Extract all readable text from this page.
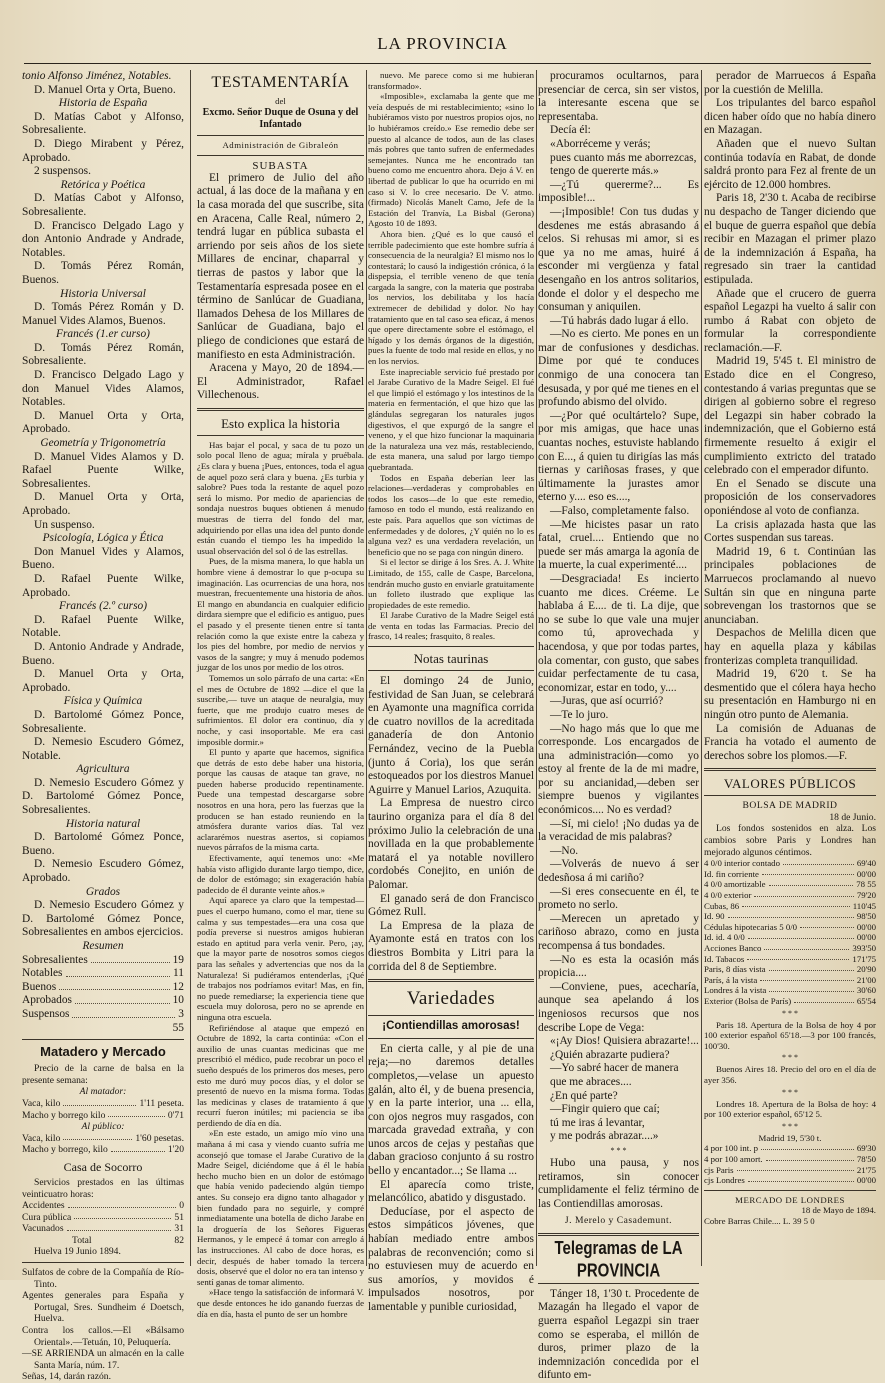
LA PROVINCIA

tonio Alfonso Jiménez, Notables.

D. Manuel Orta y Orta, Bueno.

Historia de España

D. Matías Cabot y Alfonso, Sobresaliente.

D. Diego Mirabent y Pérez, Aprobado.

2 suspensos.

Retórica y Poética

D. Matías Cabot y Alfonso, Sobresaliente.

D. Francisco Delgado Lago y don Antonio Andrade y Andrade, Notables.

D. Tomás Pérez Román, Buenos.

Historia Universal

D. Tomás Pérez Román y D. Manuel Vides Alamos, Buenos.

Francés (1.er curso)

D. Tomás Pérez Román, Sobresaliente.

D. Francisco Delgado Lago y don Manuel Vides Alamos, Notables.

D. Manuel Orta y Orta, Aprobado.

Geometría y Trigonometría

D. Manuel Vides Alamos y D. Rafael Puente Wilke, Sobresalientes.

D. Manuel Orta y Orta, Aprobado.

Un suspenso.

Psicología, Lógica y Ética

Don Manuel Vides y Alamos, Bueno.

D. Rafael Puente Wilke, Aprobado.

Francés (2.º curso)

D. Rafael Puente Wilke, Notable.

D. Antonio Andrade y Andrade, Bueno.

D. Manuel Orta y Orta, Aprobado.

Física y Química

D. Bartolomé Gómez Ponce, Sobresaliente.

D. Nemesio Escudero Gómez, Notable.

Agricultura

D. Nemesio Escudero Gómez y D. Bartolomé Gómez Ponce, Sobresalientes.

Historia natural

D. Bartolomé Gómez Ponce, Bueno.

D. Nemesio Escudero Gómez, Aprobado.

Grados

D. Nemesio Escudero Gómez y D. Bartolomé Gómez Ponce, Sobresalientes en ambos ejercicios.

Resumen

Sobresalientes	19
Notables	11
Buenos	12
Aprobados	10
Suspensos	3
55
Matadero y Mercado

Precio de la carne de balsa en la presente semana:

Al matador:

Vaca, kilo	1'11 peseta.
Macho y borrego kilo	0'71

Al público:

Vaca, kilo	1'60 pesetas.
Macho y borrego, kilo	1'20
Casa de Socorro

Servicios prestados en las últimas veinticuatro horas:

Accidentes	0
Cura pública	51
Vacunados	31
Total	82

Huelva 19 Junio 1894.

Sulfatos de cobre de la Compañía de Río-Tinto.

Agentes generales para España y Portugal, Sres. Sundheim é Doetsch, Huelva.

Contra los callos.—El «Bálsamo Oriental».—Tetuán, 10, Peluquería.

—SE ARRIENDA un almacén en la calle Santa María, núm. 17.

Señas, 14, darán razón.

TESTAMENTARÍA

del

Excmo. Señor Duque de Osuna y del Infantado

Administración de Gibraleón

SUBASTA

El primero de Julio del año actual, á las doce de la mañana y en la casa morada del que suscribe, sita en Aracena, Calle Real, número 2, tendrá lugar en pública subasta el arriendo por seis años de los siete Millares de encinar, chaparral y tierras de pastos y labor que la Testamentaría espresada posee en el término de Sanlúcar de Guadiana, llamados Dehesa de los Millares de Sanlúcar de Guadiana, bajo el pliego de condiciones que estará de manifiesto en esta Administración.

Aracena y Mayo, 20 de 1894.—El Administrador, Rafael Villechenous.

Esto explica la historia

Has bajar el pocal, y saca de tu pozo un solo pocal lleno de agua; mírala y pruébala. ¿Es clara y buena ¡Pues, entonces, toda el agua de aquel pozo será clara y buena. ¿Es turbia y salobre? Pues toda la restante de aquel pozo será lo mismo. Por medio de apariencias de sondaja nuestros buques obtienen á menudo muestras de tierra del fondo del mar, adquiriendo por ellas una idea del punto donde están cuando el tiempo les ha impedido la usual observación del sol ó de las estrellas.

Pues, de la misma manera, lo que habla un hombre viene á demostrar lo que p-ocupa su imaginación. Las ocurrencias de una hora, nos muestran, frecuentemente una historia de años. El mango en abundancia en cualquier edificio dirdara siempre que el edificio es antiguo, pues el pasado y el presente tienen entre sí tanta relación como la que existe entre la cabeza y los pies del hombre, por medio de nervios y vasos de la sangre; y muy á menudo podemos juzgar de los unos por medio de los otros.

Tomemos un solo párrafo de una carta: «En el mes de Octubre de 1892 —dice el que la suscribe,— tuve un ataque de neuralgia, muy fuerte, que me produjo cuatro meses de sufrimientos. El dolor era continuo, día y noche, y casi insoportable. Me era casi imposible dormir.»

El punto y aparte que hacemos, significa que detrás de esto debe haber una historia, porque las causas de ataque tan grave, no pueden haberse producido repentinamente. Puede una tempestad descargarse sobre nosotros en una hora, pero las fuerzas que la producen se han estado reuniendo en la atmósfera durante varios días. Tal vez aclararémos nuestras asertos, si copiamos nuevos párrafos de la misma carta.

Efectivamente, aquí tenemos uno: «Me había visto afligido durante largo tiempo, dice, de dolor de estómago; sin exageración había padecido de él durante veinte años.»

Aquí aparece ya claro que la tempestad—pues el cuerpo humano, como el mar, tiene su calma y sus tempestades—era una cosa que podía preverse si nuestros amigos hubieran estado en aptitud para verla venir. Pero, ¡ay, que la mayor parte de nosotros somos ciegos para las señales y advertencias que nos da la Naturaleza! Si pudiéramos entenderlas, ¡Qué de trabajos nos podríamos evitar! Mas, en fin, no puede remediarse; la experiencia tiene que escuela muy dolorosa, pero no se aprende en ninguna otra escuela.

Refiriéndose al ataque que empezó en Octubre de 1892, la carta continúa: «Con el auxilio de unas cuantas medicinas que me prescribió el médico, pude recobrar un poco el sueño después de los primeros dos meses, pero esto me duró muy pocos días, y el dolor se presentó de nuevo en la misma forma. Todas las medicinas y clases de tratamiento á que recurrí fueron inútiles; mi paciencia se iba perdiendo de día en día.

»En este estado, un amigo mío vino una mañana á mi casa y viendo cuanto sufría me aconsejó que tomase el Jarabe Curativo de la Madre Seigel, diciéndome que á él le había hecho mucho bien en un dolor de estómago que había venido padeciendo algún tiempo antes. Su consejo era digno tanto alhagador y bien fundado para no seguirle, y compré inmediatamente una botella de dicho Jarabe en la droguería de los Señores Figueras Hermanos, y le empecé á tomar con arreglo á las instrucciones. Al cabo de doce horas, es decir, después de haber tomado la tercera dosis, observé que el dolor no era tan intenso y sentí ganas de tomar alimento.

»Hace tengo la satisfacción de informará V. que desde entonces he ido ganando fuerzas de día en día, hasta el punto de ser un hombre

nuevo. Me parece como si me hubieran transformado».

«Imposible», exclamaba la gente que me veía después de mi restablecimiento; «sino lo hubiéramos visto por nuestros propios ojos, no lo hubiéramos creído.» Ese remedio debe ser puesto al alcance de todos, aun de las clases más pobres que tanto sufren de enfermedades semejantes. Nunca me he encontrado tan bueno como me encuentro ahora. Dejo á V. en libertad de publicar lo que ha ocurrido en mi caso si V. lo cree necesario. De V. atmo. (firmado) Nicolás Manelt Camo, Jefe de la Estación del Tranvía, La Bisbal (Gerona) Agosto 10 de 1893.

Ahora bien. ¿Qué es lo que causó el terrible padecimiento que este hombre sufría á consecuencia de la neuralgia? El mismo nos lo contestará; lo causó la indigestión crónica, ó la dispepsia, el terrible veneno de que tenía cargada la sangre, con la materia que postraba los nervios, los debilitaba y los hacía extremecer de debilidad y dolor. No hay tratamiento que en tal caso sea eficaz, á menos que opere directamente sobre el estómago, el hígado y los demás órganos de la digestión, pues la fuente de todo mal reside en ellos, y no en los nervios.

Este inapreciable servicio fué prestado por el Jarabe Curativo de la Madre Seigel. El fué el que limpió el estómago y los intestinos de la materia en fermentación, el que hizo que las glándulas segregaran los naturales jugos digestivos, el que expurgó de la sangre el veneno, y el que hizo funcionar la maquinaria de la naturaleza una vez más, restableciendo, de esta manera, una salud por largo tiempo quebrantada.

Todos en España deberían leer las relaciones—verdaderas y comprobables en todos los casos—de lo que este remedio, famoso en todo el mundo, está realizando en este país. Para aquellos que son víctimas de enfermedades y de dolores, ¿Y quién no lo es alguna vez? es una verdadera revelación, un beneficio que no se paga con ningún dinero.

Si el lector se dirige á los Sres. A. J. White Limitado, de 155, calle de Caspe, Barcelona, tendrán mucho gusto en enviarle gratuitamente un folleto ilustrado que explique las propiedades de este remedio.

El Jarabe Curativo de la Madre Seigel está de venta en todas las Farmacias. Precio del frasco, 14 reales; frasquito, 8 reales.

Notas taurinas

El domingo 24 de Junio, festividad de San Juan, se celebrará en Ayamonte una magnífica corrida de cuatro novillos de la acreditada ganadería de don Antonio Fernández, vecino de la Puebla (junto á Coria), los que serán estoqueados por los diestros Manuel Aguirre y Manuel Larios, Azuquita.

La Empresa de nuestro circo taurino organiza para el día 8 del próximo Julio la celebración de una novillada en la que probablemente matará el ya notable novillero cordobés Conejito, en unión de Palomar.

El ganado será de don Francisco Gómez Rull.

La Empresa de la plaza de Ayamonte está en tratos con los diestros Bombita y Litri para la corrida del 8 de Septiembre.

Variedades
¡Contiendillas amorosas!

En cierta calle, y al pie de una reja;—no daremos detalles completos,—velase un apuesto galán, alto él, y de buena presencia, y en la parte interior, una ... ella, con ojos negros muy rasgados, con marcada gravedad extraña, y con unos arcos de cejas y pestañas que daban gracioso conjunto á su rostro bello y encantador...; Se llama ...

El aparecía como triste, melancólico, abatido y disgustado.

Deducíase, por el aspecto de estos simpáticos jóvenes, que habían mediado entre ambos palabras de reconvención; como si no estuviesen muy de acuerdo en sus amoríos, y movidos é impulsados nosotros, por lamentable y punible curiosidad,

procuramos ocultarnos, para presenciar de cerca, sin ser vistos, la interesante escena que se representaba.

Decía él:

«Aborréceme y verás;

pues cuanto más me aborrezcas,

tengo de quererte más.»

—¿Tú quererme?... Es imposible!...

—¡Imposible! Con tus dudas y desdenes me estás abrasando á celos. Si rehusas mi amor, si es que ya no me amas, huiré á esconder mi vergüenza y fatal desengaño en los antros solitarios, donde el dolor y el despecho me consuman y aniquilen.

—Tú habrás dado lugar á ello.

—No es cierto. Me pones en un mar de confusiones y desdichas. Dime por qué te conduces conmigo de una conocera tan desusada, y por qué me tienes en el profundo abismo del olvido.

—¿Por qué ocultártelo? Supe, por mis amigas, que hace unas cuantas noches, estuviste hablando con E..., á quien tu dirigías las más tiernas y cariñosas frases, y que últimamente la jurastes amor eterno y.... eso es....,

—Falso, completamente falso.

—Me hicistes pasar un rato fatal, cruel.... Entiendo que no puede ser más amarga la agonía de la muerte, la cual experimenté....

—Desgraciada! Es incierto cuanto me dices. Créeme. Le hablaba á E.... de ti. La dije, que no se sube lo que vale una mujer como tú, aprovechada y hacendosa, y que por todas partes, ola comentar, con gusto, que sabes cuidar perfectamente de tu casa, economizar, estar en todo, y....

—Juras, que así ocurrió?

—Te lo juro.

—No hago más que lo que me corresponde. Los encargados de una administración—como yo estoy al frente de la de mi madre, por su ancianidad,—deben ser siempre buenos y vigilantes económicos.... No es verdad?

—Sí, mi cielo! ¡No dudas ya de la veracidad de mis palabras?

—No.

—Volverás de nuevo á ser dedesñosa á mi cariño?

—Si eres consecuente en él, te prometo no serlo.

—Merecen un apretado y cariñoso abrazo, como en justa recompensa á tus bondades.

—No es esta la ocasión más propicia....

—Conviene, pues, acecharía, aunque sea apelando á los ingeniosos recursos que nos describe Lope de Vega:

«¡Ay Dios! Quisiera abrazarte!...

¿Quién abrazarte pudiera?

—Yo sabré hacer de manera

que me abraces....

¿En qué parte?

—Fingir quiero que caí;

tú me iras á levantar,

y me podrás abrazar....»

* * *

Hubo una pausa, y nos retiramos, sin conocer cumplidamente el feliz término de las Contiendillas amorosas.

J. Merelo y Casademunt.

Telegramas de LA PROVINCIA

Tánger 18, 1'30 t. Procedente de Mazagán ha llegado el vapor de guerra español Legazpi sin traer como se esperaba, el millón de duros, primer plazo de la indemnización concedida por el difunto em-

perador de Marruecos á España por la cuestión de Melilla.

Los tripulantes del barco español dicen haber oído que no había dinero en Mazagan.

Añaden que el nuevo Sultan continúa todavía en Rabat, de donde saldrá pronto para Fez al frente de un ejército de 12.000 hombres.

Paris 18, 2'30 t. Acaba de recibirse nu despacho de Tanger diciendo que el buque de guerra español que debía recibir en Mazagan el primer plazo de la indemnización á España, ha regresado sin traer la cantidad estipulada.

Añade que el crucero de guerra español Legazpi ha vuelto á salir con rumbo á Rabat con objeto de formular la correspondiente reclamación.—F.

Madrid 19, 5'45 t. El ministro de Estado dice en el Congreso, contestando á varias preguntas que se dirigen al gobierno sobre el regreso del Legazpi sin haber cobrado la indemnización, que el Gobierno está firmemente resuelto á exigir el cumplimiento extricto del tratado celebrado con el emperador difunto.

En el Senado se discute una proposición de los conservadores oponiéndose al voto de confianza.

La crisis aplazada hasta que las Cortes suspendan sus tareas.

Madrid 19, 6 t. Continúan las principales poblaciones de Marruecos proclamando al nuevo Sultán sin que en ninguna parte sobrevengan los trastornos que se anunciaban.

Despachos de Melilla dicen que hay en aquella plaza y kábilas fronterizas completa tranquilidad.

Madrid 19, 6'20 t. Se ha desmentido que el cólera haya hecho su presentación en Hamburgo ni en ningún otro punto de Alemania.

La comisión de Aduanas de Francia ha votado el aumento de derechos sobre los plomos.—F.

VALORES PÚBLICOS

BOLSA DE MADRID

18 de Junio.

Los fondos sostenidos en alza. Los cambios sobre Paris y Londres han mejorado algunos céntimos.

4 0/0 interior contado	69'40
Id. fin corriente	00'00
4 0/0 amortizable	78 55
4 0/0 exterior	79'20
Cubas, 86	110'45
Id. 90	98'50
Cédulas hipotecarias 5 0/0	00'00
Id. id. 4 0/0	00'00
Acciones Banco	393'50
Id. Tabacos	171'75
Paris, 8 días vista	20'90
París, á la vista	21'00
Londres á la vista	30'60
Exterior (Bolsa de París)	65'54
* * *

Paris 18. Apertura de la Bolsa de hoy 4 por 100 exterior español 65'18.—3 por 100 francés, 100'30.

* * *

Buenos Aires 18. Precio del oro en el día de ayer 356.

* * *

Londres 18. Apertura de la Bolsa de hoy: 4 por 100 exterior español, 65'12 5.

* * *

Madrid 19, 5'30 t.

4 por 100 int. p	69'30
4 por 100 amort.	78'50
cjs Paris	21'75
cjs Londres	00'00

MERCADO DE LONDRES

18 de Mayo de 1894.

Cobre Barras Chile.... L. 39 5 0
